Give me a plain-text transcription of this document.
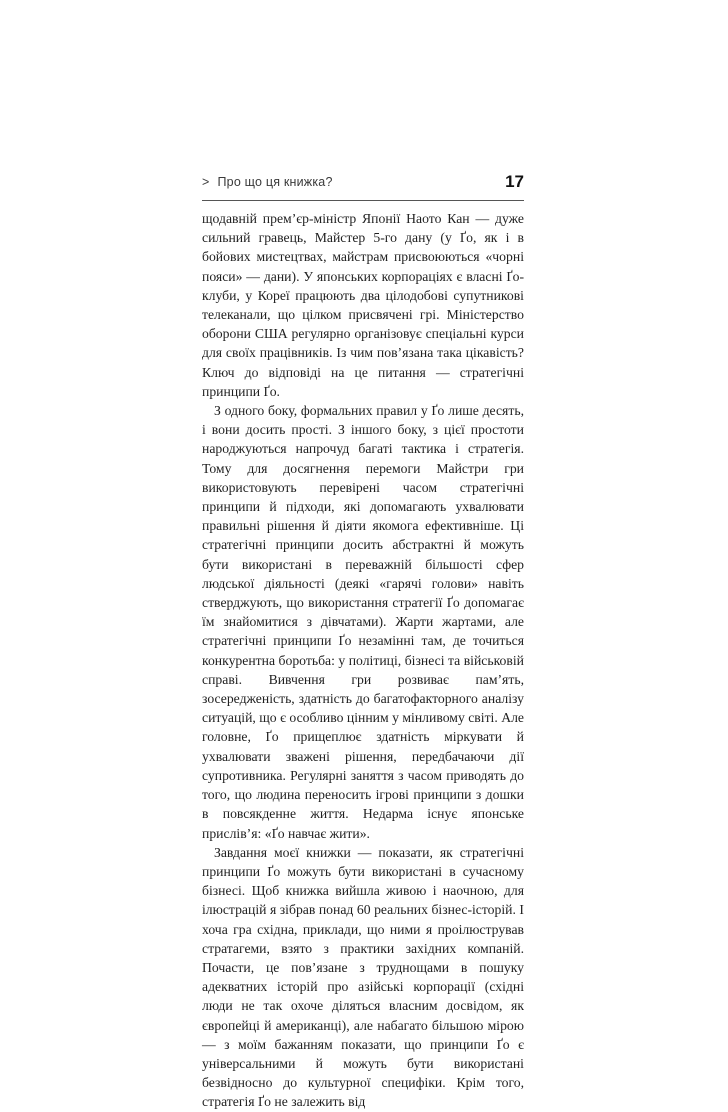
> Про що ця книжка?	17

щодавній прем’єр-міністр Японії Наото Кан — дуже сильний гравець, Майстер 5-го дану (у Ґо, як і в бойових мистецтвах, майстрам присвоюються «чорні пояси» — дани). У японських корпораціях є власні Ґо-клуби, у Кореї працюють два цілодобові супутникові телеканали, що цілком присвячені грі. Міністерство оборони США регулярно організовує спеціальні курси для своїх працівників. Із чим пов’язана така цікавість? Ключ до відповіді на це питання — стратегічні принципи Ґо.

З одного боку, формальних правил у Ґо лише десять, і вони досить прості. З іншого боку, з цієї простоти народжуються напрочуд багаті тактика і стратегія. Тому для досягнення перемоги Майстри гри використовують перевірені часом стратегічні принципи й підходи, які допомагають ухвалювати правильні рішення й діяти якомога ефективніше. Ці стратегічні принципи досить абстрактні й можуть бути використані в переважній більшості сфер людської діяльності (деякі «гарячі голови» навіть стверджують, що використання стратегії Ґо допомагає їм знайомитися з дівчатами). Жарти жартами, але стратегічні принципи Ґо незамінні там, де точиться конкурентна боротьба: у політиці, бізнесі та військовій справі. Вивчення гри розвиває пам’ять, зосередженість, здатність до багатофакторного аналізу ситуацій, що є особливо цінним у мінливому світі. Але головне, Ґо прищеплює здатність міркувати й ухвалювати зважені рішення, передбачаючи дії супротивника. Регулярні заняття з часом приводять до того, що людина переносить ігрові принципи з дошки в повсякденне життя. Недарма існує японське прислів’я: «Ґо навчає жити».

Завдання моєї книжки — показати, як стратегічні принципи Ґо можуть бути використані в сучасному бізнесі. Щоб книжка вийшла живою і наочною, для ілюстрацій я зібрав понад 60 реальних бізнес-історій. І хоча гра східна, приклади, що ними я проілюстрував стратагеми, взято з практики західних компаній. Почасти, це пов’язане з труднощами в пошуку адекватних історій про азійські корпорації (східні люди не так охоче діляться власним досвідом, як європейці й американці), але набагато більшою мірою — з моїм бажанням показати, що принципи Ґо є універсальними й можуть бути використані безвідносно до культурної специфіки. Крім того, стратегія Ґо не залежить від
